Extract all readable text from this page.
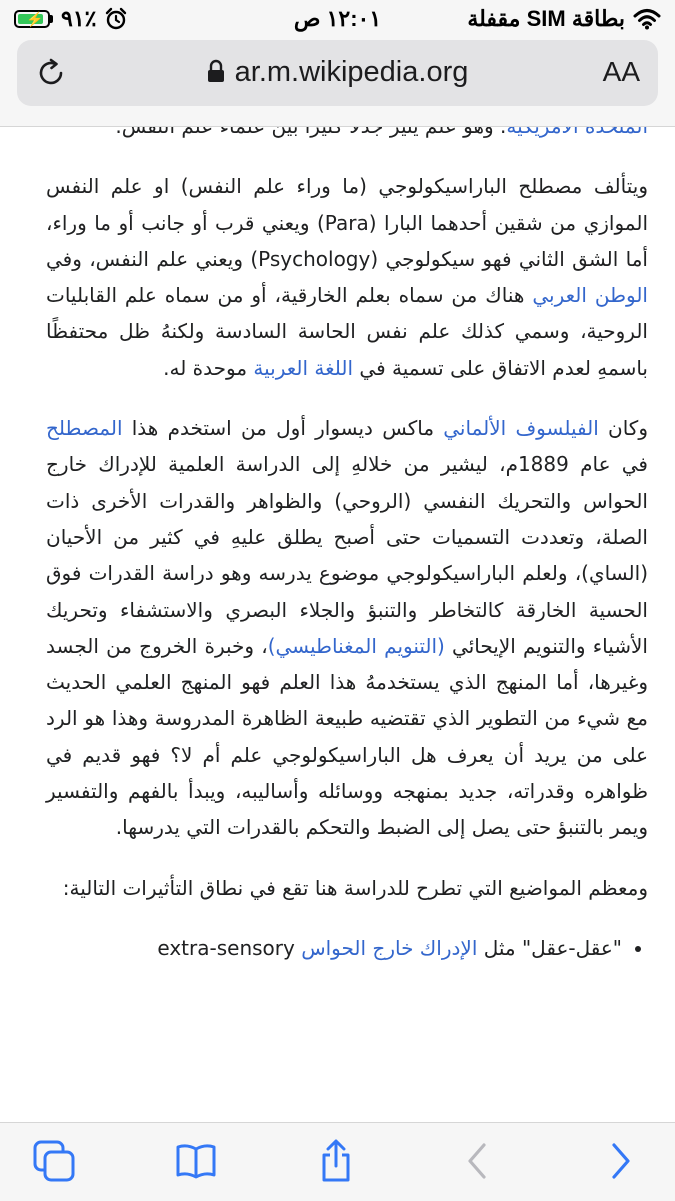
⚡ ٩١٪	١٢:٠١ ص	بطاقة SIM مقفلة
ar.m.wikipedia.org	AA

ويتألف مصطلح الباراسيكولوجي (ما وراء علم النفس) او علم النفس الموازي من شقين أحدهما البارا (Para) ويعني قرب أو جانب أو ما وراء، أما الشق الثاني فهو سيكولوجي (Psychology) ويعني علم النفس، وفي الوطن العربي هناك من سماه بعلم الخارقية، أو من سماه علم القابليات الروحية، وسمي كذلك علم نفس الحاسة السادسة ولكنهُ ظل محتفظًا باسمهِ لعدم الاتفاق على تسمية في اللغة العربية موحدة له.

وكان الفيلسوف الألماني ماكس ديسوار أول من استخدم هذا المصطلح في عام 1889م، ليشير من خلالهِ إلى الدراسة العلمية للإدراك خارج الحواس والتحريك النفسي (الروحي) والظواهر والقدرات الأخرى ذات الصلة، وتعددت التسميات حتى أصبح يطلق عليهِ في كثير من الأحيان (الساي)، ولعلم الباراسيكولوجي موضوع يدرسه وهو دراسة القدرات فوق الحسية الخارقة كالتخاطر والتنبؤ والجلاء البصري والاستشفاء وتحريك الأشياء والتنويم الإيحائي (التنويم المغناطيسي)، وخبرة الخروج من الجسد وغيرها، أما المنهج الذي يستخدمهُ هذا العلم فهو المنهج العلمي الحديث مع شيء من التطوير الذي تقتضيه طبيعة الظاهرة المدروسة وهذا هو الرد على من يريد أن يعرف هل الباراسيكولوجي علم أم لا؟ فهو قديم في ظواهره وقدراته، جديد بمنهجه ووسائله وأساليبه، ويبدأ بالفهم والتفسير ويمر بالتنبؤ حتى يصل إلى الضبط والتحكم بالقدرات التي يدرسها.

ومعظم المواضيع التي تطرح للدراسة هنا تقع في نطاق التأثيرات التالية:

• "عقل-عقل" مثل الإدراك خارج الحواس extra-sensory
